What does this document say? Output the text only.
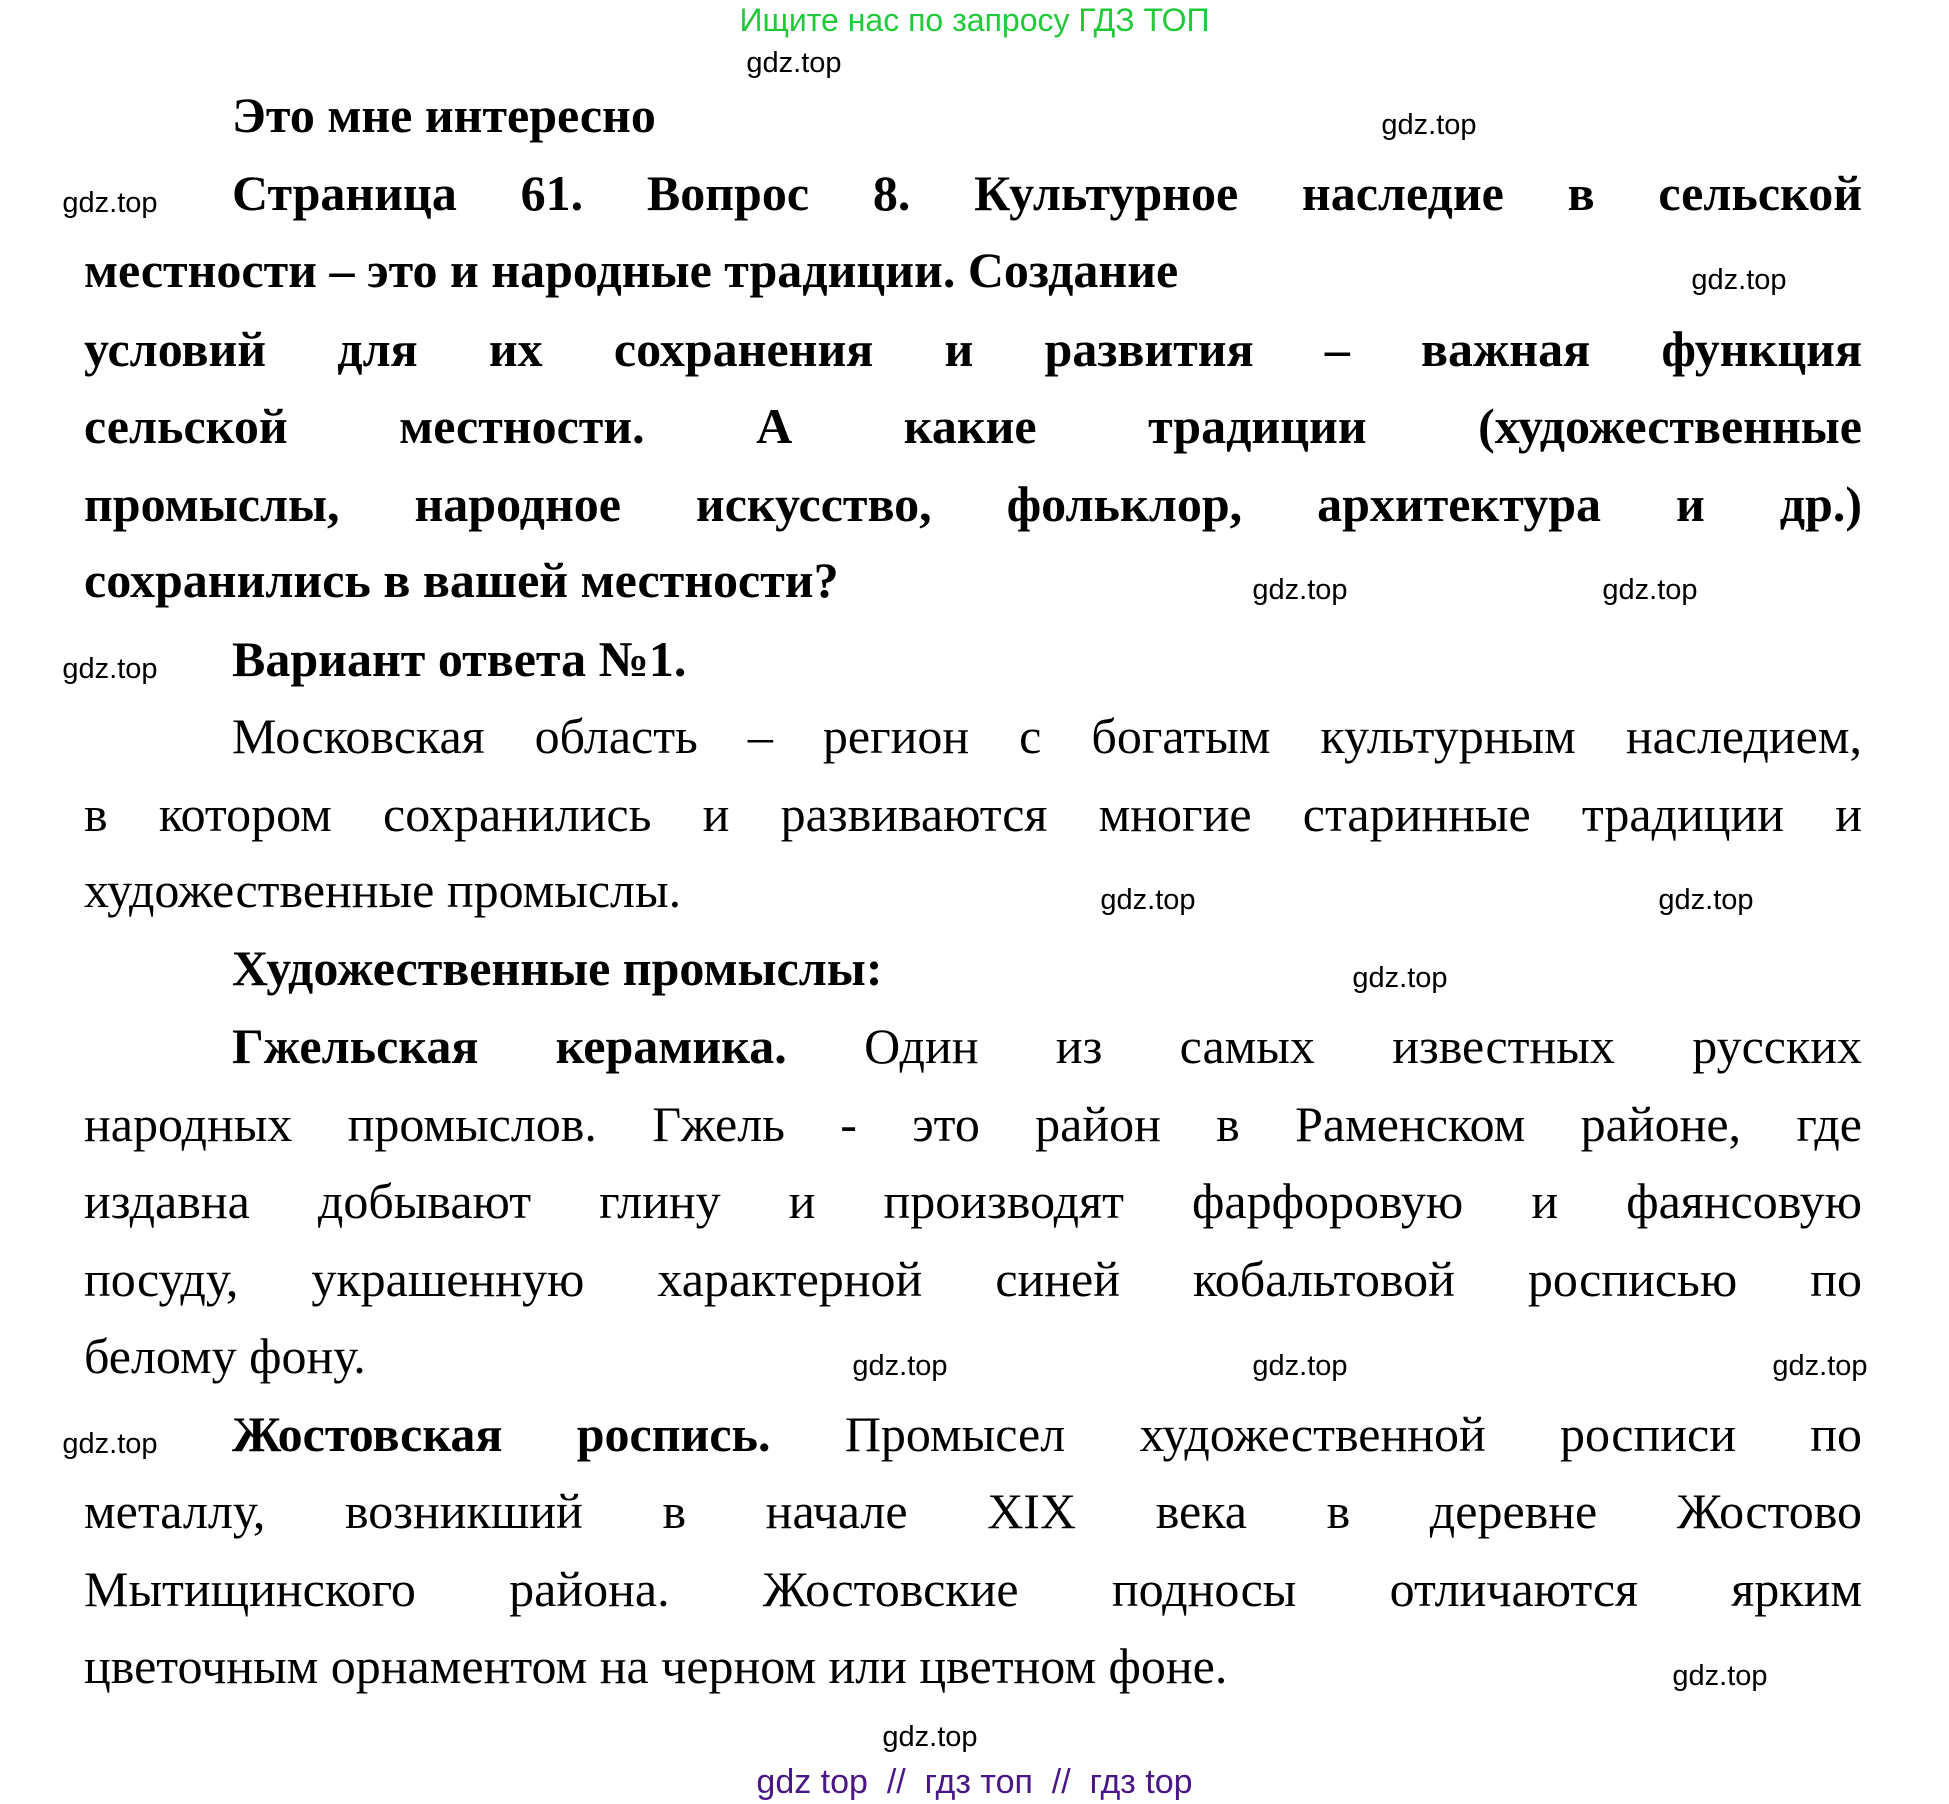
Ищите нас по запросу ГДЗ ТОП
Это мне интересно
Страница 61. Вопрос 8. Культурное наследие в сельской
местности – это и народные традиции. Создание
условий для их сохранения и развития – важная функция
сельской местности. А какие традиции (художественные
промыслы, народное искусство, фольклор, архитектура и др.)
сохранились в вашей местности?
Вариант ответа №1.
Московская область – регион с богатым культурным наследием,
в котором сохранились и развиваются многие старинные традиции и
художественные промыслы.
Художественные промыслы:
Гжельская керамика. Один из самых известных русских
народных промыслов. Гжель - это район в Раменском районе, где
издавна добывают глину и производят фарфоровую и фаянсовую
посуду, украшенную характерной синей кобальтовой росписью по
белому фону.
Жостовская роспись. Промысел художественной росписи по
металлу, возникший в начале XIX века в деревне Жостово
Мытищинского района. Жостовские подносы отличаются ярким
цветочным орнаментом на черном или цветном фоне.
gdz.top
gdz.top
gdz.top
gdz.top
gdz.top	gdz.top
gdz.top
gdz.top
gdz.top
gdz.top
gdz.top
gdz.top
gdz.top	gdz.top
gdz.top
gdz.top
gdz top  //  гдз топ  //  гдз top
